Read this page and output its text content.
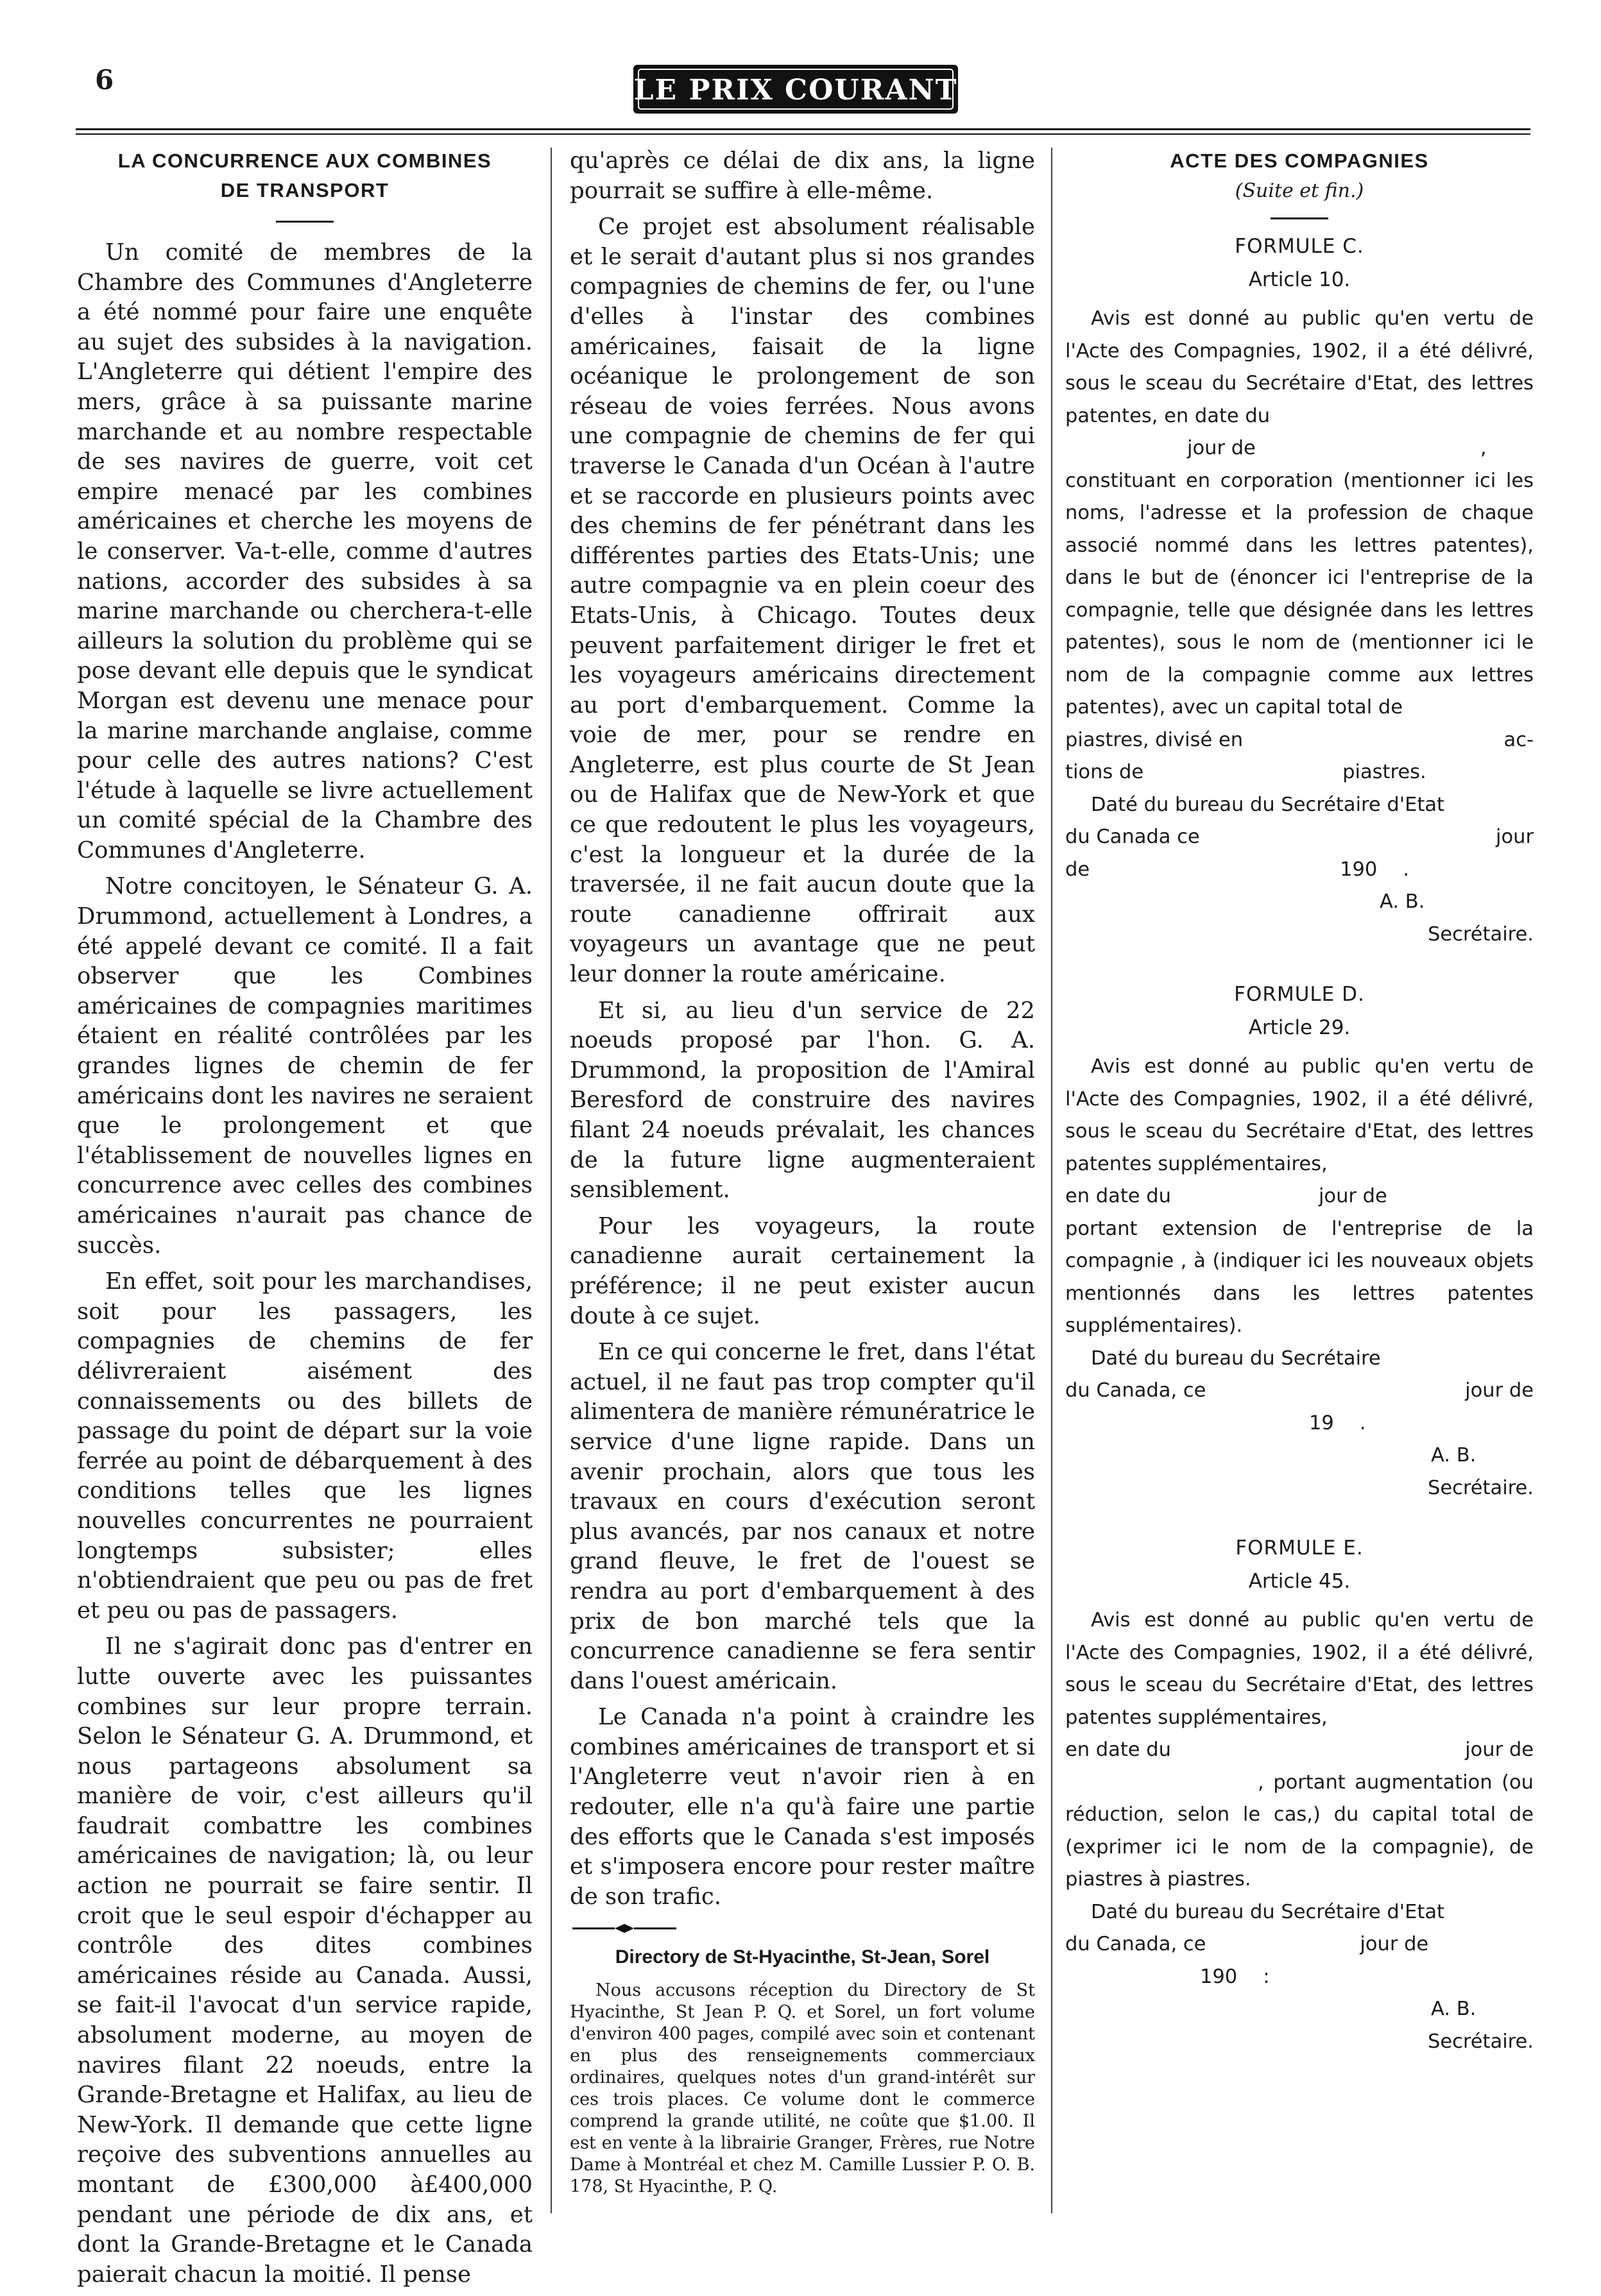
6	LE PRIX COURANT

LA CONCURRENCE AUX COMBINES

DE TRANSPORT

Un comité de membres de la Chambre des Communes d'Angleterre a été nommé pour faire une enquête au sujet des subsides à la navigation. L'Angleterre qui détient l'empire des mers, grâce à sa puissante marine marchande et au nombre respectable de ses navires de guerre, voit cet empire menacé par les combines américaines et cherche les moyens de le conserver. Va-t-elle, comme d'autres nations, accorder des subsides à sa marine marchande ou cherchera-t-elle ailleurs la solution du problème qui se pose devant elle depuis que le syndicat Morgan est devenu une menace pour la marine marchande anglaise, comme pour celle des autres nations? C'est l'étude à laquelle se livre actuellement un comité spécial de la Chambre des Communes d'Angleterre.

Notre concitoyen, le Sénateur G. A. Drummond, actuellement à Londres, a été appelé devant ce comité. Il a fait observer que les Combines américaines de compagnies maritimes étaient en réalité contrôlées par les grandes lignes de chemin de fer américains dont les navires ne seraient que le prolongement et que l'établissement de nouvelles lignes en concurrence avec celles des combines américaines n'aurait pas chance de succès.

En effet, soit pour les marchandises, soit pour les passagers, les compagnies de chemins de fer délivreraient aisément des connaissements ou des billets de passage du point de départ sur la voie ferrée au point de débarquement à des conditions telles que les lignes nouvelles concurrentes ne pourraient longtemps subsister; elles n'obtiendraient que peu ou pas de fret et peu ou pas de passagers.

Il ne s'agirait donc pas d'entrer en lutte ouverte avec les puissantes combines sur leur propre terrain. Selon le Sénateur G. A. Drummond, et nous partageons absolument sa manière de voir, c'est ailleurs qu'il faudrait combattre les combines américaines de navigation; là, ou leur action ne pourrait se faire sentir. Il croit que le seul espoir d'échapper au contrôle des dites combines américaines réside au Canada. Aussi, se fait-il l'avocat d'un service rapide, absolument moderne, au moyen de navires filant 22 noeuds, entre la Grande-Bretagne et Halifax, au lieu de New-York. Il demande que cette ligne reçoive des subventions annuelles au montant de £300,000 à£400,000 pendant une période de dix ans, et dont la Grande-Bretagne et le Canada paierait chacun la moitié. Il pense

qu'après ce délai de dix ans, la ligne pourrait se suffire à elle-même.

Ce projet est absolument réalisable et le serait d'autant plus si nos grandes compagnies de chemins de fer, ou l'une d'elles à l'instar des combines américaines, faisait de la ligne océanique le prolongement de son réseau de voies ferrées. Nous avons une compagnie de chemins de fer qui traverse le Canada d'un Océan à l'autre et se raccorde en plusieurs points avec des chemins de fer pénétrant dans les différentes parties des Etats-Unis; une autre compagnie va en plein coeur des Etats-Unis, à Chicago. Toutes deux peuvent parfaitement diriger le fret et les voyageurs américains directement au port d'embarquement. Comme la voie de mer, pour se rendre en Angleterre, est plus courte de St Jean ou de Halifax que de New-York et que ce que redoutent le plus les voyageurs, c'est la longueur et la durée de la traversée, il ne fait aucun doute que la route canadienne offrirait aux voyageurs un avantage que ne peut leur donner la route américaine.

Et si, au lieu d'un service de 22 noeuds proposé par l'hon. G. A. Drummond, la proposition de l'Amiral Beresford de construire des navires filant 24 noeuds prévalait, les chances de la future ligne augmenteraient sensiblement.

Pour les voyageurs, la route canadienne aurait certainement la préférence; il ne peut exister aucun doute à ce sujet.

En ce qui concerne le fret, dans l'état actuel, il ne faut pas trop compter qu'il alimentera de manière rémunératrice le service d'une ligne rapide. Dans un avenir prochain, alors que tous les travaux en cours d'exécution seront plus avancés, par nos canaux et notre grand fleuve, le fret de l'ouest se rendra au port d'embarquement à des prix de bon marché tels que la concurrence canadienne se fera sentir dans l'ouest américain.

Le Canada n'a point à craindre les combines américaines de transport et si l'Angleterre veut n'avoir rien à en redouter, elle n'a qu'à faire une partie des efforts que le Canada s'est imposés et s'imposera encore pour rester maître de son trafic.

Directory de St-Hyacinthe, St-Jean, Sorel

Nous accusons réception du Directory de St Hyacinthe, St Jean P. Q. et Sorel, un fort volume d'environ 400 pages, compilé avec soin et contenant en plus des renseignements commerciaux ordinaires, quelques notes d'un grand-intérêt sur ces trois places. Ce volume dont le commerce comprend la grande utilité, ne coûte que $1.00. Il est en vente à la librairie Granger, Frères, rue Notre Dame à Montréal et chez M. Camille Lussier P. O. B. 178, St Hyacinthe, P. Q.

ACTE DES COMPAGNIES

(Suite et fin.)

FORMULE C.

Article 10.

Avis est donné au public qu'en vertu de l'Acte des Compagnies, 1902, il a été délivré, sous le sceau du Secrétaire d'Etat, des lettres patentes, en date du

jour de	,

constituant en corporation (mentionner ici les noms, l'adresse et la profession de chaque associé nommé dans les lettres patentes), dans le but de (énoncer ici l'entreprise de la compagnie, telle que désignée dans les lettres patentes), sous le nom de (mentionner ici le nom de la compagnie comme aux lettres patentes), avec un capital total de

piastres, divisé en	ac-

tions de	piastres.

Daté du bureau du Secrétaire d'Etat

du Canada ce	jour

de	190 .

A. B.

Secrétaire.

FORMULE D.

Article 29.

Avis est donné au public qu'en vertu de l'Acte des Compagnies, 1902, il a été délivré, sous le sceau du Secrétaire d'Etat, des lettres patentes supplémentaires,

en date du	jour de

portant extension de l'entreprise de la compagnie , à (indiquer ici les nouveaux objets mentionnés dans les lettres patentes supplémentaires).

Daté du bureau du Secrétaire

du Canada, ce	jour de

19 .

A. B.

Secrétaire.

FORMULE E.

Article 45.

Avis est donné au public qu'en vertu de l'Acte des Compagnies, 1902, il a été délivré, sous le sceau du Secrétaire d'Etat, des lettres patentes supplémentaires,

en date du	jour de

, portant augmentation (ou réduction, selon le cas,) du capital total de (exprimer ici le nom de la compagnie), de piastres à piastres.

Daté du bureau du Secrétaire d'Etat

du Canada, ce	jour de

190 :

A. B.

Secrétaire.
